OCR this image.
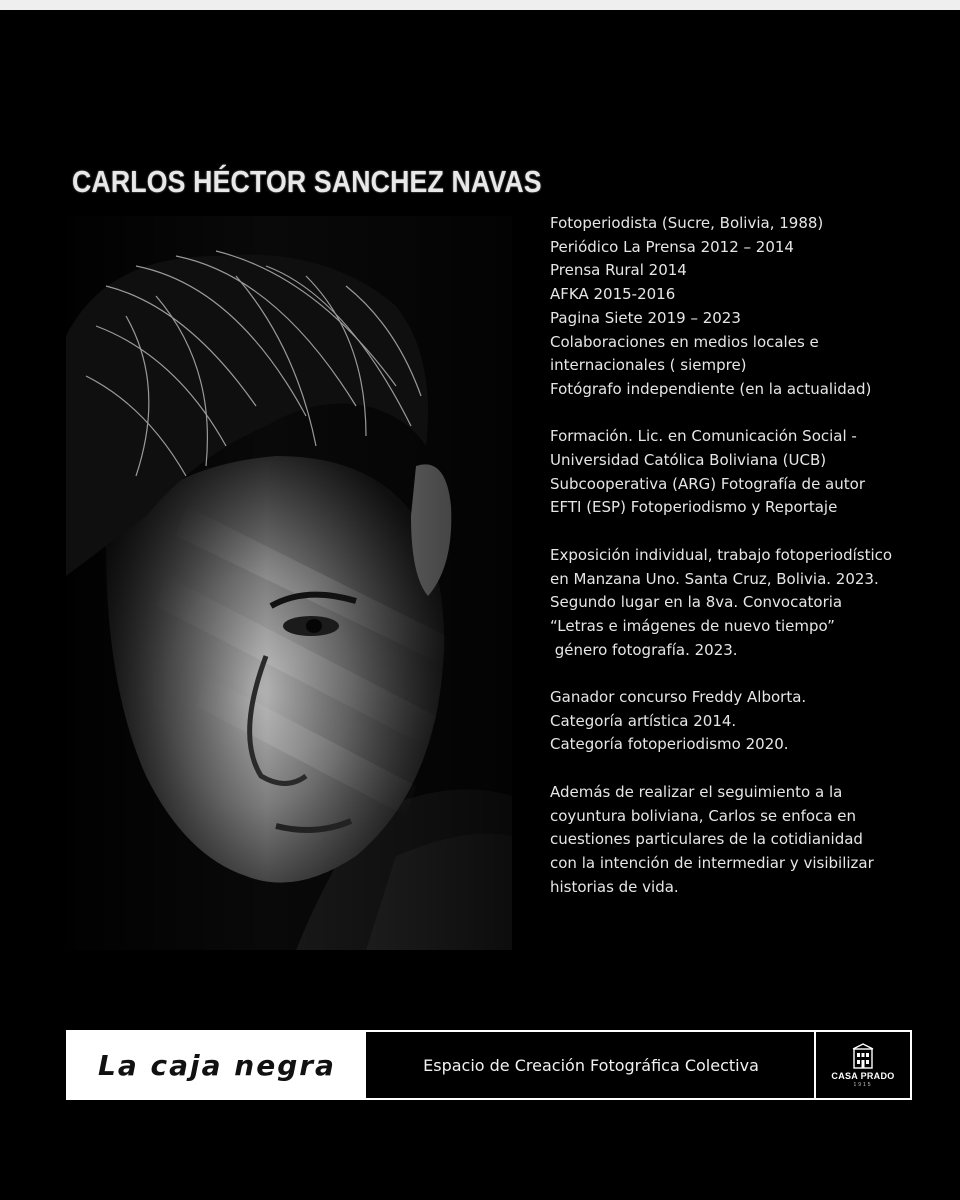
CARLOS HÉCTOR SANCHEZ NAVAS

Fotoperiodista (Sucre, Bolivia, 1988)
Periódico La Prensa 2012 – 2014
Prensa Rural 2014
AFKA 2015-2016
Pagina Siete 2019 – 2023
Colaboraciones en medios locales e
internacionales ( siempre)
Fotógrafo independiente (en la actualidad)

Formación. Lic. en Comunicación Social -
Universidad Católica Boliviana (UCB)
Subcooperativa (ARG) Fotografía de autor
EFTI (ESP) Fotoperiodismo y Reportaje

Exposición individual, trabajo fotoperiodístico
en Manzana Uno. Santa Cruz, Bolivia. 2023.
Segundo lugar en la 8va. Convocatoria
“Letras e imágenes de nuevo tiempo”
género fotografía. 2023.

Ganador concurso Freddy Alborta.
Categoría artística 2014.
Categoría fotoperiodismo 2020.

Además de realizar el seguimiento a la
coyuntura boliviana, Carlos se enfoca en
cuestiones particulares de la cotidianidad
con la intención de intermediar y visibilizar
historias de vida.

La caja negra	Espacio de Creación Fotográfica Colectiva
CASA PRADO
1915
